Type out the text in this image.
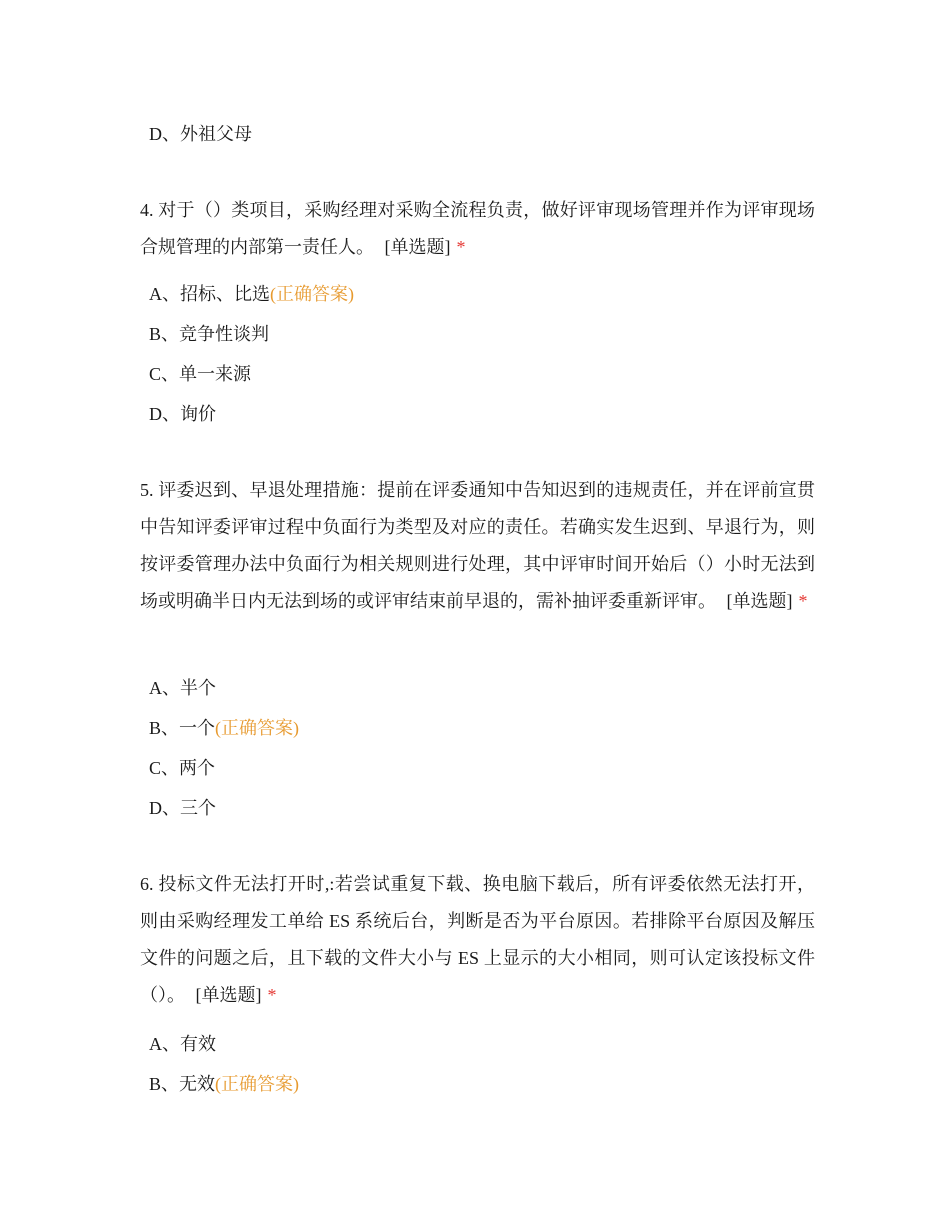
D、外祖父母

4. 对于（）类项目，采购经理对采购全流程负责，做好评审现场管理并作为评审现场合规管理的内部第一责任人。 [单选题] *

A、招标、比选(正确答案)
B、竞争性谈判
C、单一来源
D、询价

5. 评委迟到、早退处理措施：提前在评委通知中告知迟到的违规责任，并在评前宣贯中告知评委评审过程中负面行为类型及对应的责任。若确实发生迟到、早退行为，则按评委管理办法中负面行为相关规则进行处理，其中评审时间开始后（）小时无法到场或明确半日内无法到场的或评审结束前早退的，需补抽评委重新评审。 [单选题] *

A、半个
B、一个(正确答案)
C、两个
D、三个

6. 投标文件无法打开时,:若尝试重复下载、换电脑下载后，所有评委依然无法打开，则由采购经理发工单给 ES 系统后台，判断是否为平台原因。若排除平台原因及解压文件的问题之后，且下载的文件大小与 ES 上显示的大小相同，则可认定该投标文件（）。 [单选题] *

A、有效
B、无效(正确答案)
